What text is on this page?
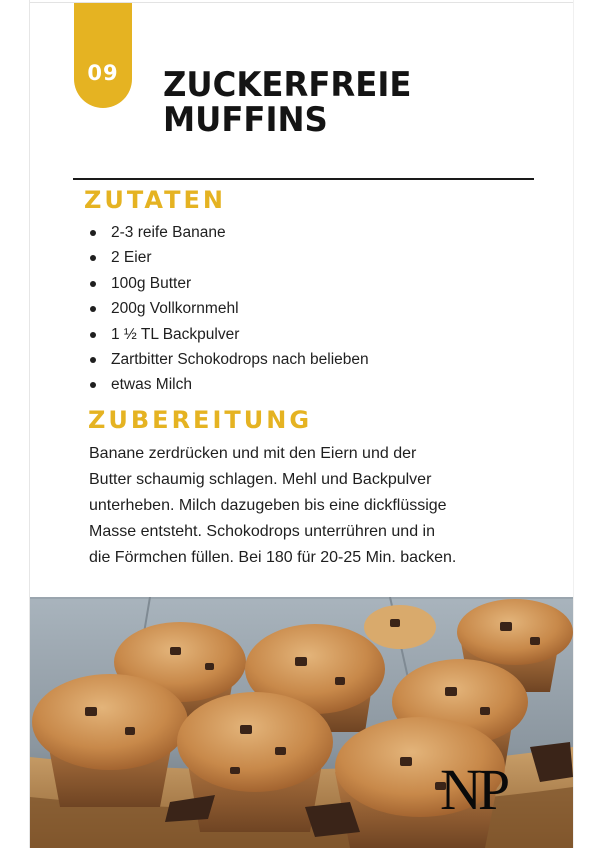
09	ZUCKERFREIE
MUFFINS
ZUTATEN
2-3 reife Banane
2 Eier
100g Butter
200g Vollkornmehl
1 ½ TL Backpulver
Zartbitter Schokodrops nach belieben
etwas Milch
ZUBEREITUNG
Banane zerdrücken und mit den Eiern und der
Butter schaumig schlagen. Mehl und Backpulver
unterheben. Milch dazugeben bis eine dickflüssige
Masse entsteht. Schokodrops unterrühren und in
die Förmchen füllen. Bei 180 für 20-25 Min. backen.
NP
